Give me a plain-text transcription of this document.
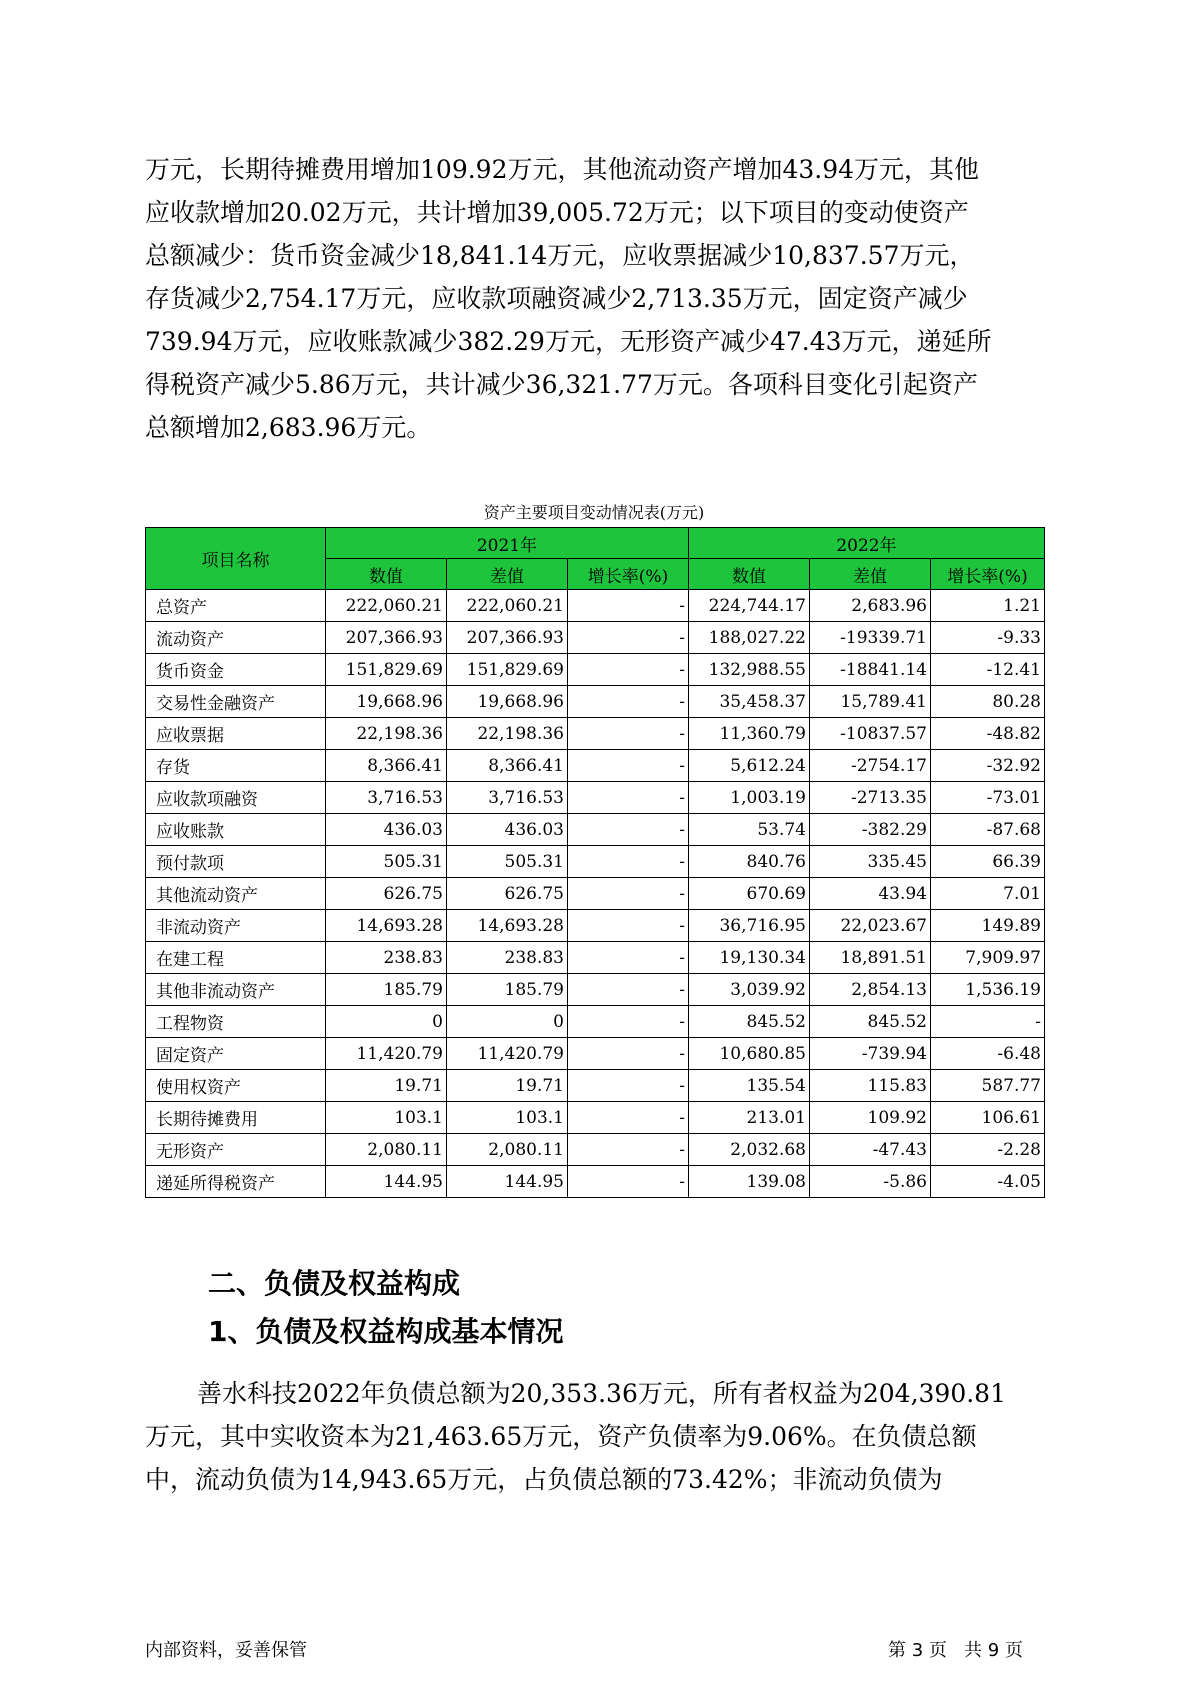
万元，长期待摊费用增加109.92万元，其他流动资产增加43.94万元，其他

应收款增加20.02万元，共计增加39,005.72万元；以下项目的变动使资产

总额减少：货币资金减少18,841.14万元，应收票据减少10,837.57万元，

存货减少2,754.17万元，应收款项融资减少2,713.35万元，固定资产减少

739.94万元，应收账款减少382.29万元，无形资产减少47.43万元，递延所

得税资产减少5.86万元，共计减少36,321.77万元。各项科目变化引起资产

总额增加2,683.96万元。

资产主要项目变动情况表(万元)
项目名称	2021年			2022年		
	数值	差值	增长率(%)	数值	差值	增长率(%)
总资产	222,060.21	222,060.21	-	224,744.17	2,683.96	1.21
流动资产	207,366.93	207,366.93	-	188,027.22	-19339.71	-9.33
货币资金	151,829.69	151,829.69	-	132,988.55	-18841.14	-12.41
交易性金融资产	19,668.96	19,668.96	-	35,458.37	15,789.41	80.28
应收票据	22,198.36	22,198.36	-	11,360.79	-10837.57	-48.82
存货	8,366.41	8,366.41	-	5,612.24	-2754.17	-32.92
应收款项融资	3,716.53	3,716.53	-	1,003.19	-2713.35	-73.01
应收账款	436.03	436.03	-	53.74	-382.29	-87.68
预付款项	505.31	505.31	-	840.76	335.45	66.39
其他流动资产	626.75	626.75	-	670.69	43.94	7.01
非流动资产	14,693.28	14,693.28	-	36,716.95	22,023.67	149.89
在建工程	238.83	238.83	-	19,130.34	18,891.51	7,909.97
其他非流动资产	185.79	185.79	-	3,039.92	2,854.13	1,536.19
工程物资	0	0	-	845.52	845.52	-
固定资产	11,420.79	11,420.79	-	10,680.85	-739.94	-6.48
使用权资产	19.71	19.71	-	135.54	115.83	587.77
长期待摊费用	103.1	103.1	-	213.01	109.92	106.61
无形资产	2,080.11	2,080.11	-	2,032.68	-47.43	-2.28
递延所得税资产	144.95	144.95	-	139.08	-5.86	-4.05
二、负债及权益构成
1、负债及权益构成基本情况

善水科技2022年负债总额为20,353.36万元，所有者权益为204,390.81

万元，其中实收资本为21,463.65万元，资产负债率为9.06%。在负债总额

中，流动负债为14,943.65万元，占负债总额的73.42%；非流动负债为

内部资料，妥善保管	第 3 页   共 9 页
